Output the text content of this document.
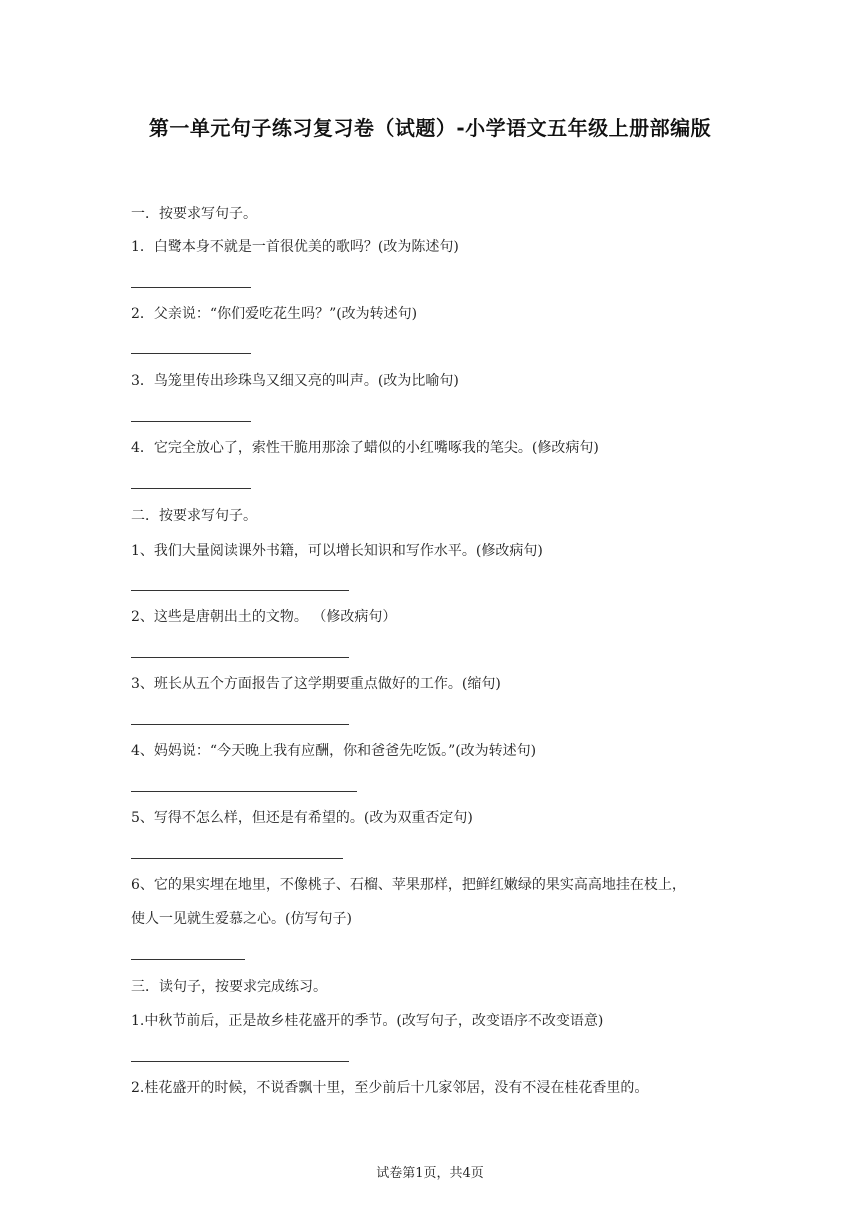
第一单元句子练习复习卷（试题）-小学语文五年级上册部编版
一．按要求写句子。
1．白鹭本身不就是一首很优美的歌吗？(改为陈述句)
2．父亲说：“你们爱吃花生吗？”(改为转述句)
3．鸟笼里传出珍珠鸟又细又亮的叫声。(改为比喻句)
4．它完全放心了，索性干脆用那涂了蜡似的小红嘴啄我的笔尖。(修改病句)
二．按要求写句子。
1、我们大量阅读课外书籍，可以增长知识和写作水平。(修改病句)
2、这些是唐朝出土的文物。 （修改病句）
3、班长从五个方面报告了这学期要重点做好的工作。(缩句)
4、妈妈说：“今天晚上我有应酬，你和爸爸先吃饭。”(改为转述句)
5、写得不怎么样，但还是有希望的。(改为双重否定句)
6、它的果实埋在地里，不像桃子、石榴、苹果那样，把鲜红嫩绿的果实高高地挂在枝上，
使人一见就生爱慕之心。(仿写句子)
三．读句子，按要求完成练习。
1.中秋节前后，正是故乡桂花盛开的季节。(改写句子，改变语序不改变语意)
2.桂花盛开的时候，不说香飘十里，至少前后十几家邻居，没有不浸在桂花香里的。
试卷第1页，共4页
